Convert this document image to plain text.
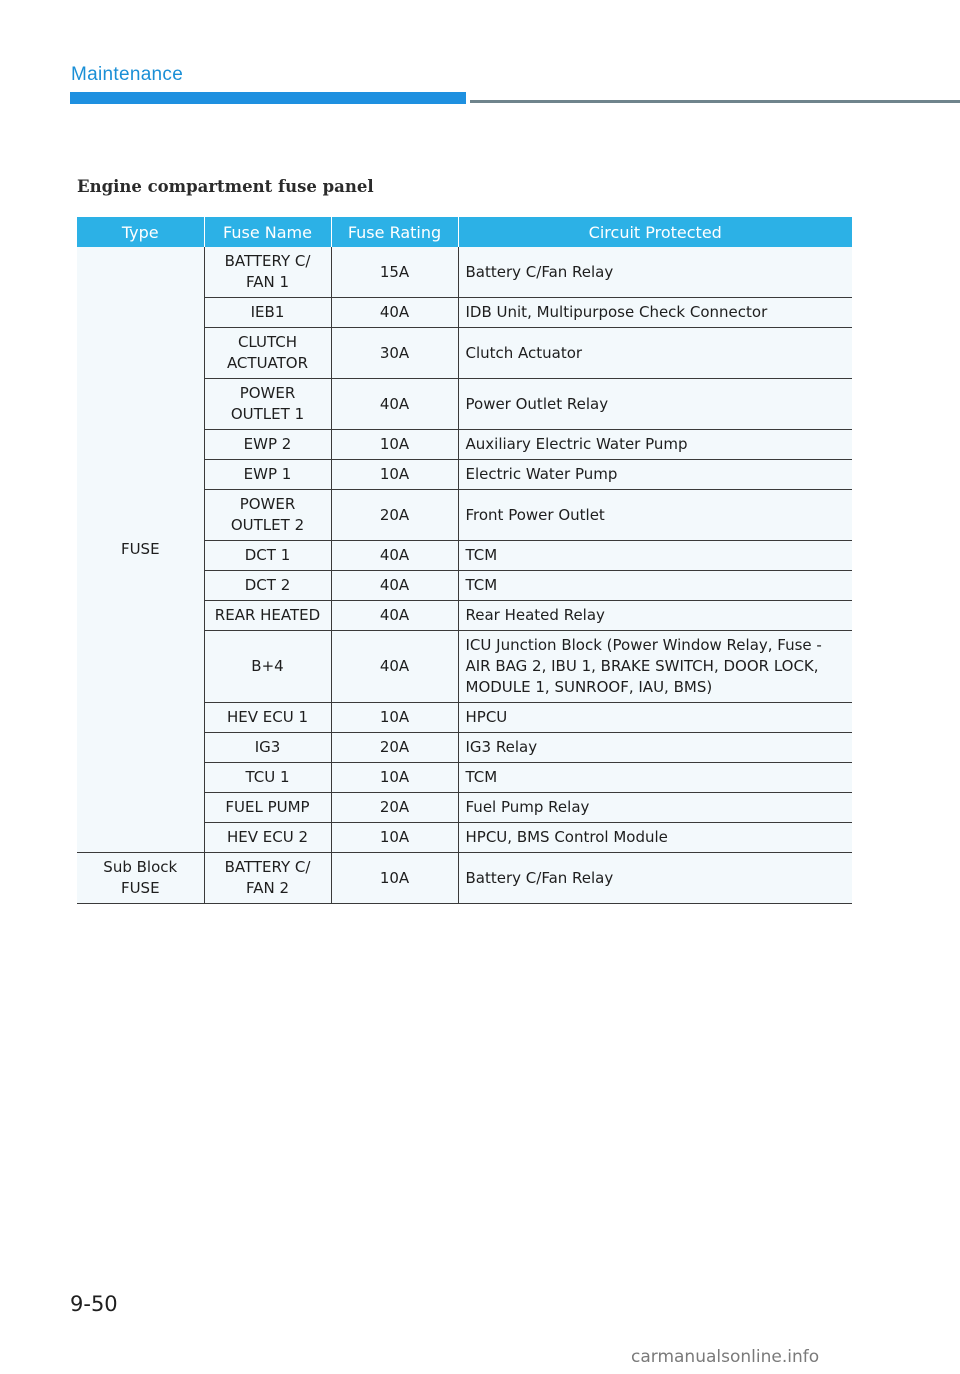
Maintenance
Engine compartment fuse panel
Type	Fuse Name	Fuse Rating	Circuit Protected
FUSE	BATTERY C/ FAN 1	15A	Battery C/Fan Relay
	IEB1	40A	IDB Unit, Multipurpose Check Connector
	CLUTCH ACTUATOR	30A	Clutch Actuator
	POWER OUTLET 1	40A	Power Outlet Relay
	EWP 2	10A	Auxiliary Electric Water Pump
	EWP 1	10A	Electric Water Pump
	POWER OUTLET 2	20A	Front Power Outlet
	DCT 1	40A	TCM
	DCT 2	40A	TCM
	REAR HEATED	40A	Rear Heated Relay
	B+4	40A	ICU Junction Block (Power Window Relay, Fuse - AIR BAG 2, IBU 1, BRAKE SWITCH, DOOR LOCK, MODULE 1, SUNROOF, IAU, BMS)
	HEV ECU 1	10A	HPCU
	IG3	20A	IG3 Relay
	TCU 1	10A	TCM
	FUEL PUMP	20A	Fuel Pump Relay
	HEV ECU 2	10A	HPCU, BMS Control Module
Sub Block FUSE	BATTERY C/ FAN 2	10A	Battery C/Fan Relay
9-50
carmanualsonline.info
